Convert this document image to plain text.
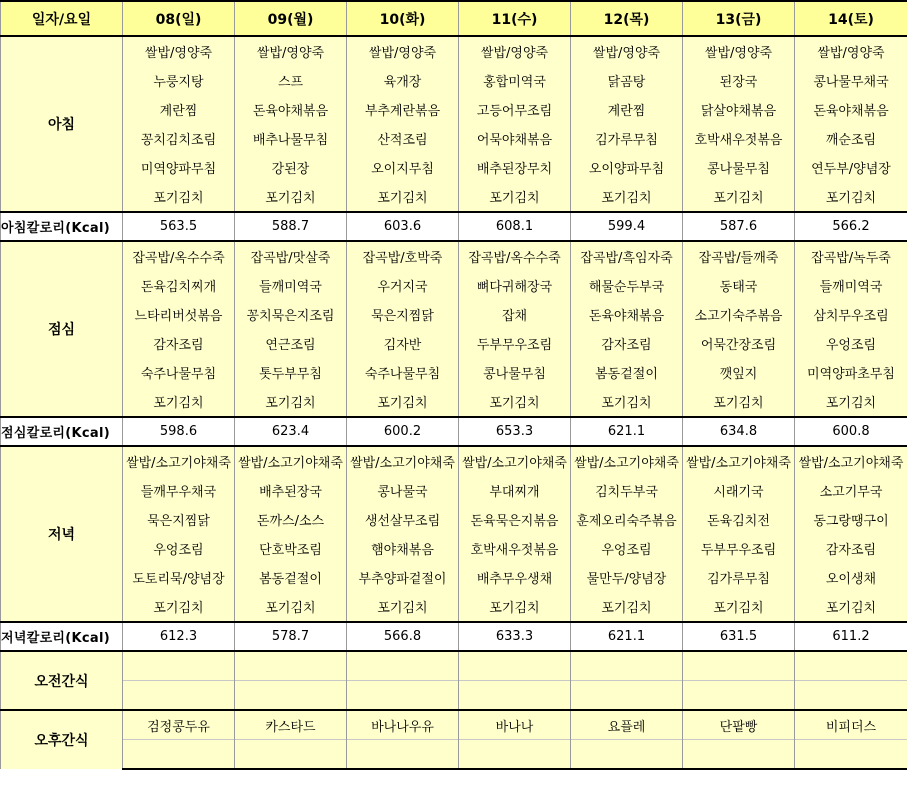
일자/요일	08(일)	09(월)	10(화)	11(수)	12(목)	13(금)	14(토)
아침	쌀밥/영양죽	쌀밥/영양죽	쌀밥/영양죽	쌀밥/영양죽	쌀밥/영양죽	쌀밥/영양죽	쌀밥/영양죽
	누룽지탕	스프	육개장	홍합미역국	닭곰탕	된장국	콩나물무채국
	계란찜	돈육야채볶음	부추계란볶음	고등어무조림	계란찜	닭살야채볶음	돈육야채볶음
	꽁치김치조림	배추나물무침	산적조림	어묵야채볶음	김가루무침	호박새우젓볶음	깨순조림
	미역양파무침	강된장	오이지무침	배추된장무치	오이양파무침	콩나물무침	연두부/양념장
	포기김치	포기김치	포기김치	포기김치	포기김치	포기김치	포기김치
아침칼로리(Kcal)	563.5	588.7	603.6	608.1	599.4	587.6	566.2
점심	잡곡밥/옥수수죽	잡곡밥/맛살죽	잡곡밥/호박죽	잡곡밥/옥수수죽	잡곡밥/흑임자죽	잡곡밥/들깨죽	잡곡밥/녹두죽
	돈육김치찌개	들깨미역국	우거지국	뼈다귀해장국	해물순두부국	동태국	들깨미역국
	느타리버섯볶음	꽁치묵은지조림	묵은지찜닭	잡채	돈육야채볶음	소고기숙주볶음	삼치무우조림
	감자조림	연근조림	김자반	두부무우조림	감자조림	어묵간장조림	우엉조림
	숙주나물무침	톳두부무침	숙주나물무침	콩나물무침	봄동겉절이	깻잎지	미역양파초무침
	포기김치	포기김치	포기김치	포기김치	포기김치	포기김치	포기김치
점심칼로리(Kcal)	598.6	623.4	600.2	653.3	621.1	634.8	600.8
저녁	쌀밥/소고기야채죽	쌀밥/소고기야채죽	쌀밥/소고기야채죽	쌀밥/소고기야채죽	쌀밥/소고기야채죽	쌀밥/소고기야채죽	쌀밥/소고기야채죽
	들깨무우채국	배추된장국	콩나물국	부대찌개	김치두부국	시래기국	소고기무국
	묵은지찜닭	돈까스/소스	생선살무조림	돈육묵은지볶음	훈제오리숙주볶음	돈육김치전	동그랑땡구이
	우엉조림	단호박조림	햄야채볶음	호박새우젓볶음	우엉조림	두부무우조림	감자조림
	도토리묵/양념장	봄동겉절이	부추양파겉절이	배추무우생채	물만두/양념장	김가루무침	오이생채
	포기김치	포기김치	포기김치	포기김치	포기김치	포기김치	포기김치
저녁칼로리(Kcal)	612.3	578.7	566.8	633.3	621.1	631.5	611.2
오전간식							

오후간식	검정콩두유	카스타드	바나나우유	바나나	요플레	단팥빵	비피더스
